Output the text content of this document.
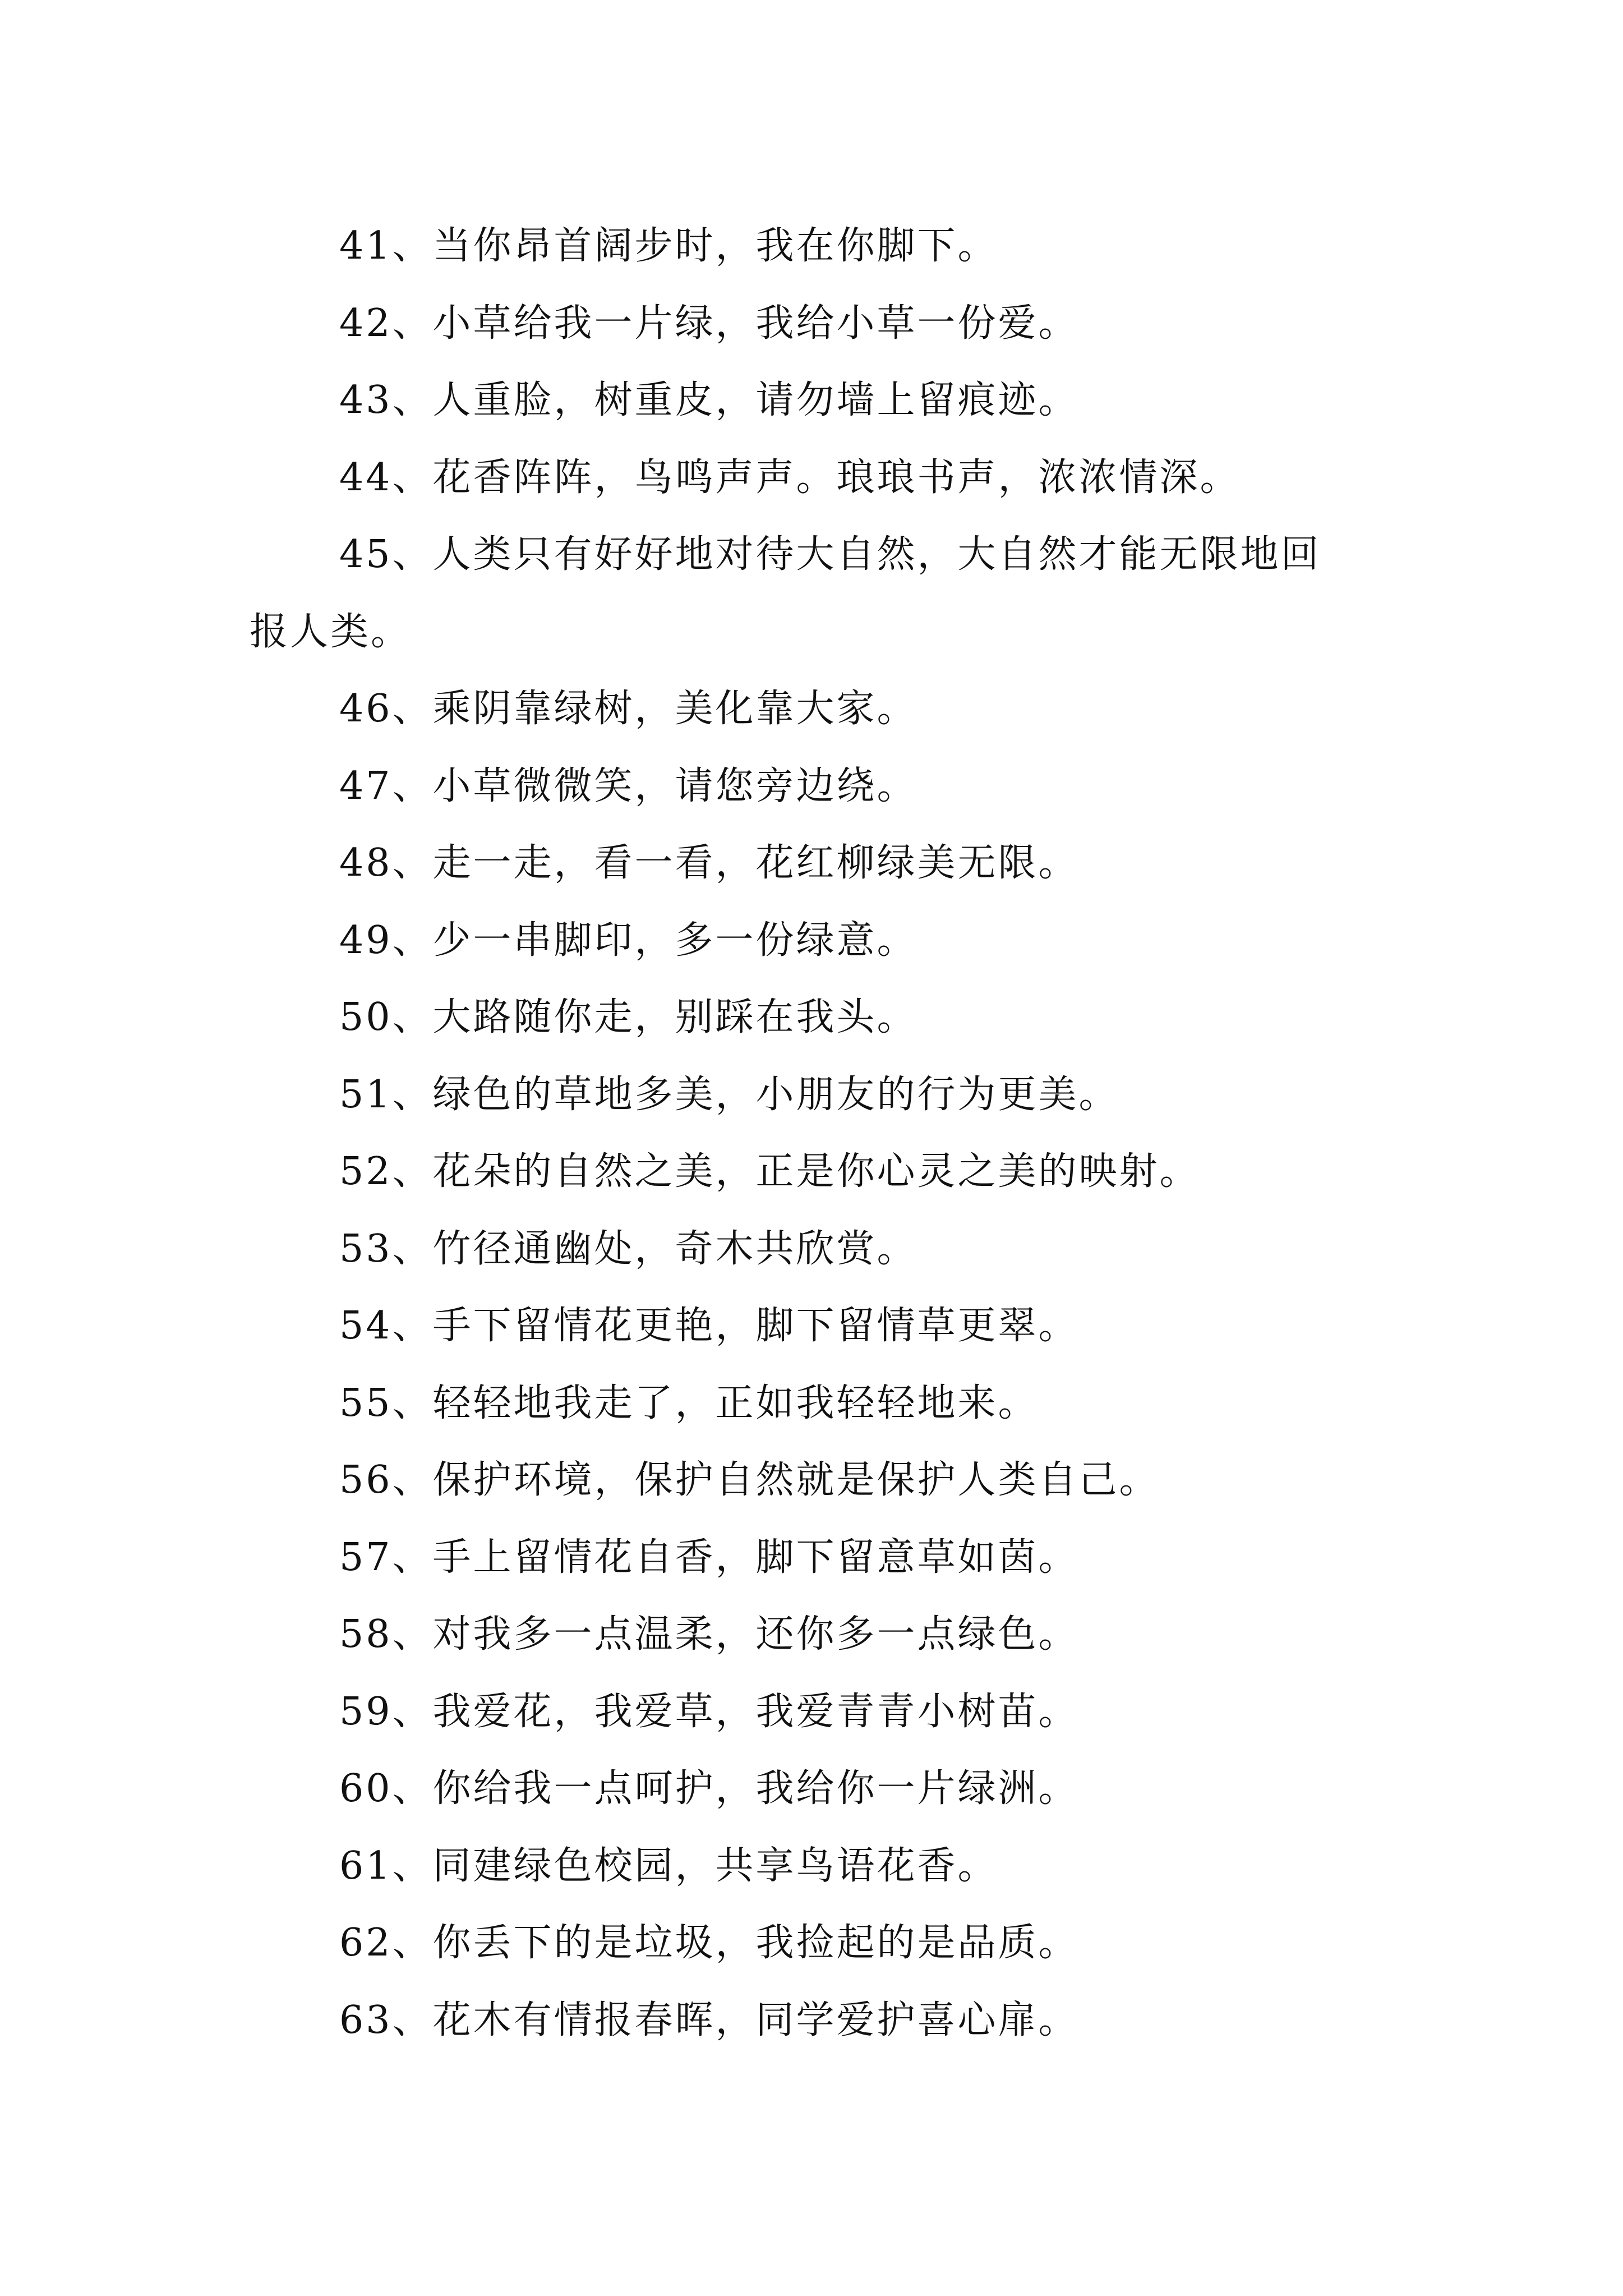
41、当你昂首阔步时，我在你脚下。
42、小草给我一片绿，我给小草一份爱。
43、人重脸，树重皮，请勿墙上留痕迹。
44、花香阵阵，鸟鸣声声。琅琅书声，浓浓情深。
45、人类只有好好地对待大自然，大自然才能无限地回
报人类。
46、乘阴靠绿树，美化靠大家。
47、小草微微笑，请您旁边绕。
48、走一走，看一看，花红柳绿美无限。
49、少一串脚印，多一份绿意。
50、大路随你走，别踩在我头。
51、绿色的草地多美，小朋友的行为更美。
52、花朵的自然之美，正是你心灵之美的映射。
53、竹径通幽处，奇木共欣赏。
54、手下留情花更艳，脚下留情草更翠。
55、轻轻地我走了，正如我轻轻地来。
56、保护环境，保护自然就是保护人类自己。
57、手上留情花自香，脚下留意草如茵。
58、对我多一点温柔，还你多一点绿色。
59、我爱花，我爱草，我爱青青小树苗。
60、你给我一点呵护，我给你一片绿洲。
61、同建绿色校园，共享鸟语花香。
62、你丢下的是垃圾，我捡起的是品质。
63、花木有情报春晖，同学爱护喜心扉。
